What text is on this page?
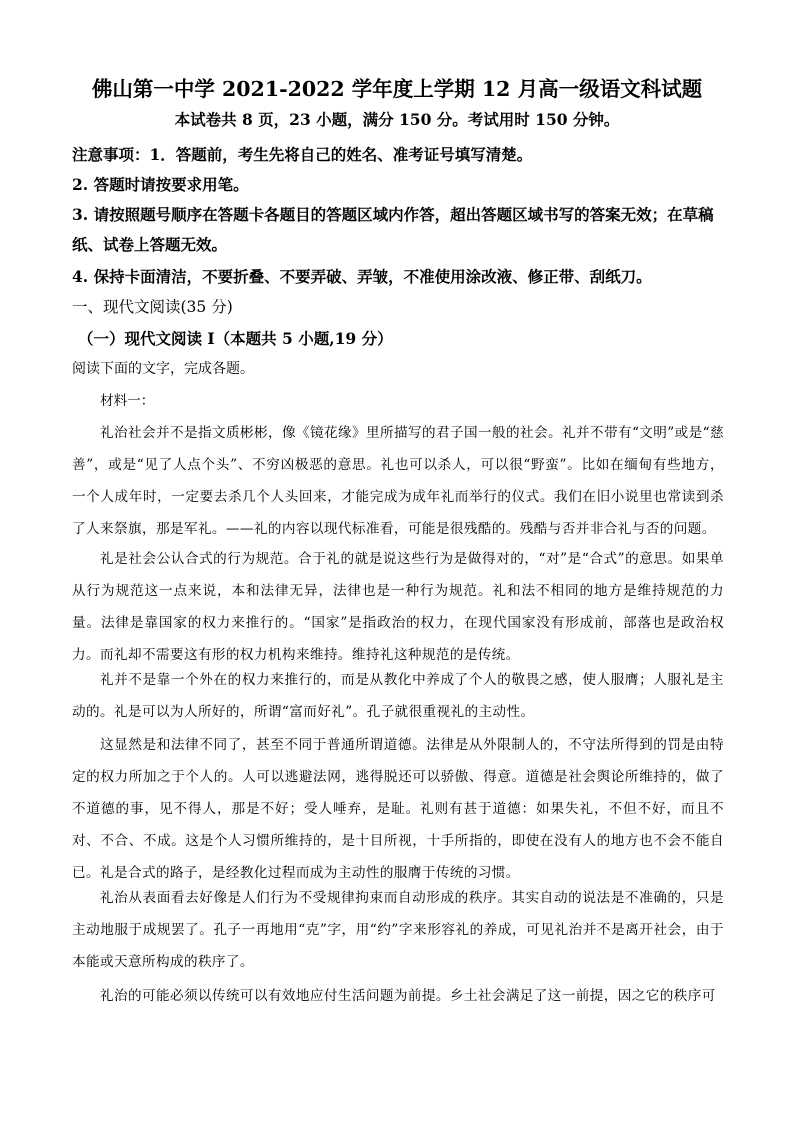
佛山第一中学 2021-2022 学年度上学期 12 月高一级语文科试题
本试卷共 8 页，23 小题，满分 150 分。考试用时 150 分钟。
注意事项：1．答题前，考生先将自己的姓名、准考证号填写清楚。
2. 答题时请按要求用笔。
3. 请按照题号顺序在答题卡各题目的答题区域内作答，超出答题区域书写的答案无效；在草稿纸、试卷上答题无效。
4. 保持卡面清洁，不要折叠、不要弄破、弄皱，不准使用涂改液、修正带、刮纸刀。
一、现代文阅读(35 分)
（一）现代文阅读 I（本题共 5 小题,19 分）
阅读下面的文字，完成各题。
材料一：
礼治社会并不是指文质彬彬，像《镜花缘》里所描写的君子国一般的社会。礼并不带有“文明”或是“慈善”，或是“见了人点个头”、不穷凶极恶的意思。礼也可以杀人，可以很“野蛮”。比如在缅甸有些地方，一个人成年时，一定要去杀几个人头回来，才能完成为成年礼而举行的仪式。我们在旧小说里也常读到杀了人来祭旗，那是军礼。——礼的内容以现代标准看，可能是很残酷的。残酷与否并非合礼与否的问题。
礼是社会公认合式的行为规范。合于礼的就是说这些行为是做得对的，“对”是“合式”的意思。如果单从行为规范这一点来说，本和法律无异，法律也是一种行为规范。礼和法不相同的地方是维持规范的力量。法律是靠国家的权力来推行的。“国家”是指政治的权力，在现代国家没有形成前，部落也是政治权力。而礼却不需要这有形的权力机构来维持。维持礼这种规范的是传统。
礼并不是靠一个外在的权力来推行的，而是从教化中养成了个人的敬畏之感，使人服膺；人服礼是主动的。礼是可以为人所好的，所谓“富而好礼”。孔子就很重视礼的主动性。
这显然是和法律不同了，甚至不同于普通所谓道德。法律是从外限制人的，不守法所得到的罚是由特定的权力所加之于个人的。人可以逃避法网，逃得脱还可以骄傲、得意。道德是社会舆论所维持的，做了不道德的事，见不得人，那是不好；受人唾弃，是耻。礼则有甚于道德：如果失礼，不但不好，而且不对、不合、不成。这是个人习惯所维持的，是十目所视，十手所指的，即使在没有人的地方也不会不能自已。礼是合式的路子，是经教化过程而成为主动性的服膺于传统的习惯。
礼治从表面看去好像是人们行为不受规律拘束而自动形成的秩序。其实自动的说法是不准确的，只是主动地服于成规罢了。孔子一再地用“克”字，用“约”字来形容礼的养成，可见礼治并不是离开社会，由于本能或天意所构成的秩序了。
礼治的可能必须以传统可以有效地应付生活问题为前提。乡土社会满足了这一前提，因之它的秩序可
